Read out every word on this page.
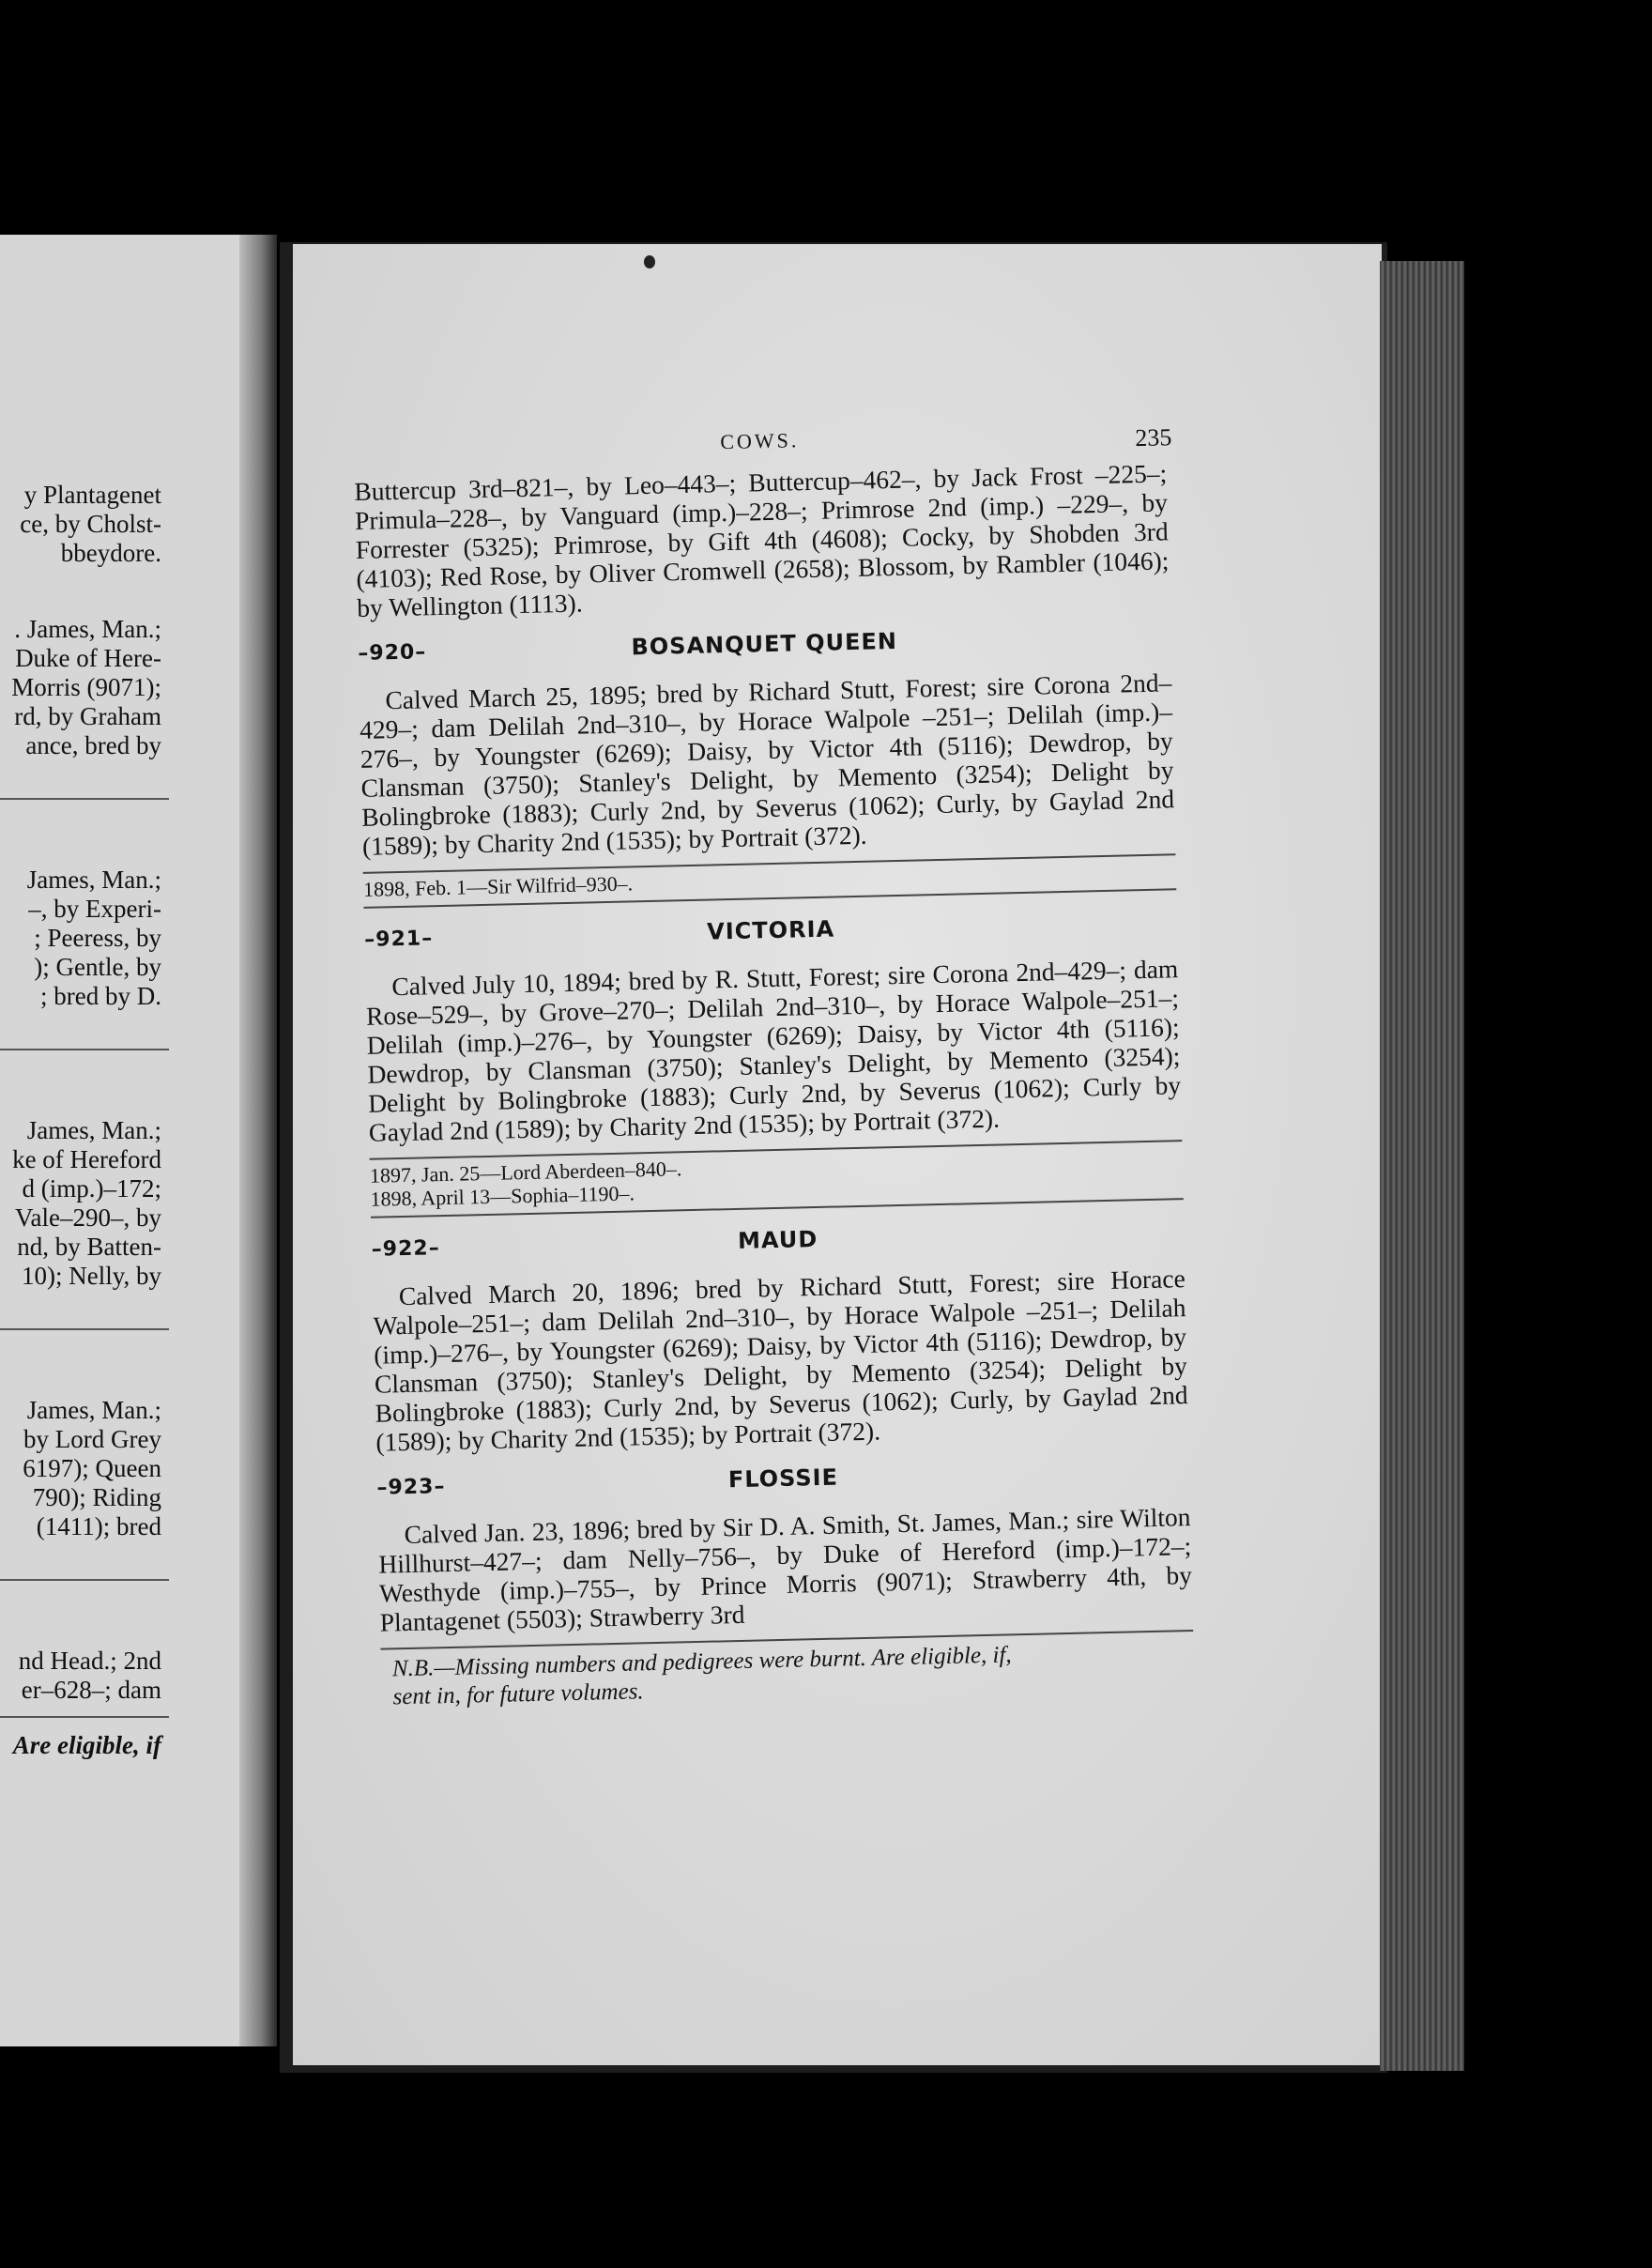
y Plantagenet
ce, by Cholst-
bbeydore.
. James, Man.;
Duke of Here-
Morris (9071);
rd, by Graham
ance, bred by
James, Man.;
–, by Experi-
; Peeress, by
); Gentle, by
; bred by D.
James, Man.;
ke of Hereford
d (imp.)–172;
Vale–290–, by
nd, by Batten-
10); Nelly, by
James, Man.;
by Lord Grey
6197); Queen
790); Riding
(1411); bred
nd Head.; 2nd
er–628–; dam
Are eligible, if
COWS.	235

Buttercup 3rd–821–, by Leo–443–; Buttercup–462–, by Jack Frost –225–; Primula–228–, by Vanguard (imp.)–228–; Primrose 2nd (imp.) –229–, by Forrester (5325); Primrose, by Gift 4th (4608); Cocky, by Shobden 3rd (4103); Red Rose, by Oliver Cromwell (2658); Blossom, by Rambler (1046); by Wellington (1113).

–920–	BOSANQUET QUEEN

Calved March 25, 1895; bred by Richard Stutt, Forest; sire Corona 2nd–429–; dam Delilah 2nd–310–, by Horace Walpole –251–; Delilah (imp.)–276–, by Youngster (6269); Daisy, by Victor 4th (5116); Dewdrop, by Clansman (3750); Stanley's Delight, by Memento (3254); Delight by Bolingbroke (1883); Curly 2nd, by Severus (1062); Curly, by Gaylad 2nd (1589); by Charity 2nd (1535); by Portrait (372).

1898, Feb. 1—Sir Wilfrid–930–.
–921–	VICTORIA

Calved July 10, 1894; bred by R. Stutt, Forest; sire Corona 2nd–429–; dam Rose–529–, by Grove–270–; Delilah 2nd–310–, by Horace Walpole–251–; Delilah (imp.)–276–, by Youngster (6269); Daisy, by Victor 4th (5116); Dewdrop, by Clansman (3750); Stanley's Delight, by Memento (3254); Delight by Bolingbroke (1883); Curly 2nd, by Severus (1062); Curly by Gaylad 2nd (1589); by Charity 2nd (1535); by Portrait (372).

1897, Jan. 25—Lord Aberdeen–840–.
1898, April 13—Sophia–1190–.
–922–	MAUD

Calved March 20, 1896; bred by Richard Stutt, Forest; sire Horace Walpole–251–; dam Delilah 2nd–310–, by Horace Walpole –251–; Delilah (imp.)–276–, by Youngster (6269); Daisy, by Victor 4th (5116); Dewdrop, by Clansman (3750); Stanley's Delight, by Memento (3254); Delight by Bolingbroke (1883); Curly 2nd, by Severus (1062); Curly, by Gaylad 2nd (1589); by Charity 2nd (1535); by Portrait (372).

–923–	FLOSSIE

Calved Jan. 23, 1896; bred by Sir D. A. Smith, St. James, Man.; sire Wilton Hillhurst–427–; dam Nelly–756–, by Duke of Hereford (imp.)–172–; Westhyde (imp.)–755–, by Prince Morris (9071); Strawberry 4th, by Plantagenet (5503); Strawberry 3rd

N.B.—Missing numbers and pedigrees were burnt. Are eligible, if,
sent in, for future volumes.
